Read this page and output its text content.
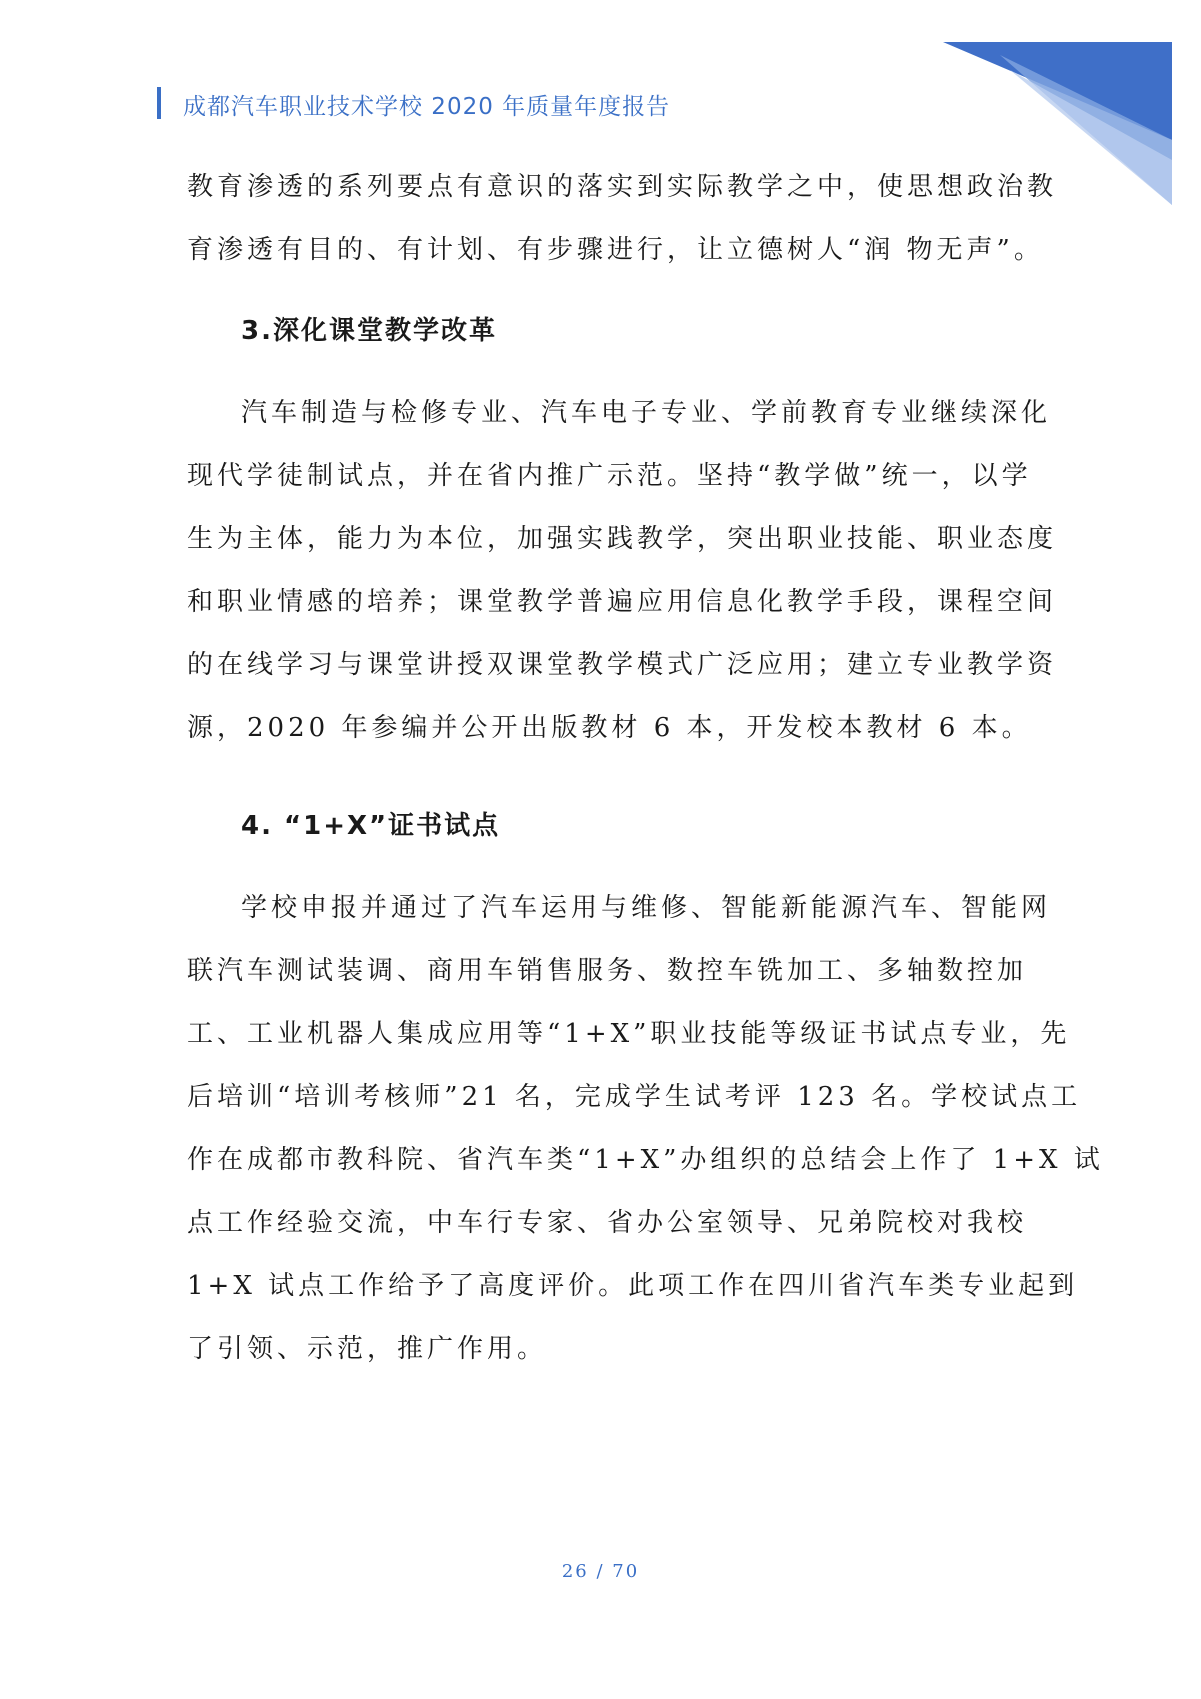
成都汽车职业技术学校 2020 年质量年度报告
教育渗透的系列要点有意识的落实到实际教学之中，使思想政治教
育渗透有目的、有计划、有步骤进行，让立德树人“润 物无声”。
3.深化课堂教学改革
汽车制造与检修专业、汽车电子专业、学前教育专业继续深化
现代学徒制试点，并在省内推广示范。坚持“教学做”统一，以学
生为主体，能力为本位，加强实践教学，突出职业技能、职业态度
和职业情感的培养；课堂教学普遍应用信息化教学手段，课程空间
的在线学习与课堂讲授双课堂教学模式广泛应用；建立专业教学资
源，2020 年参编并公开出版教材 6 本，开发校本教材 6 本。
4. “1+X”证书试点
学校申报并通过了汽车运用与维修、智能新能源汽车、智能网
联汽车测试装调、商用车销售服务、数控车铣加工、多轴数控加
工、工业机器人集成应用等“1+X”职业技能等级证书试点专业，先
后培训“培训考核师”21 名，完成学生试考评 123 名。学校试点工
作在成都市教科院、省汽车类“1+X”办组织的总结会上作了 1+X 试
点工作经验交流，中车行专家、省办公室领导、兄弟院校对我校
1+X 试点工作给予了高度评价。此项工作在四川省汽车类专业起到
了引领、示范，推广作用。
26 / 70
